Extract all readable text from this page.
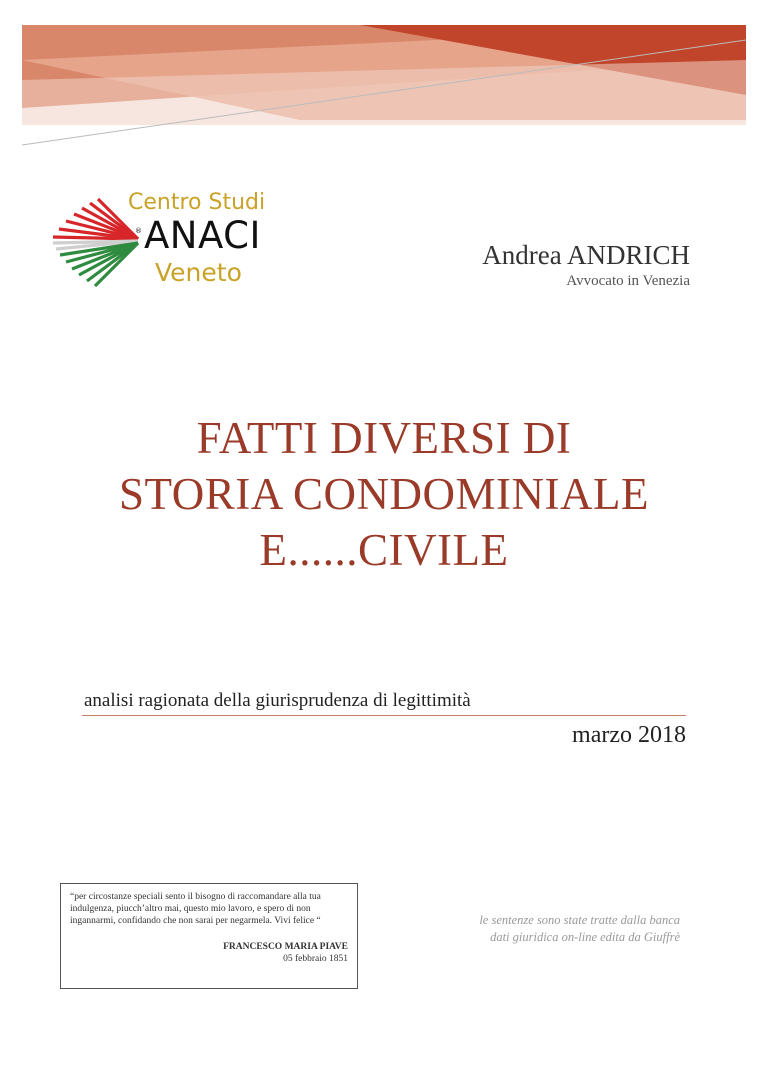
Centro Studi
® ANACI
Veneto
Andrea ANDRICH
Avvocato in Venezia
FATTI DIVERSI DI
STORIA CONDOMINIALE
E......CIVILE
analisi ragionata della giurisprudenza di legittimità
marzo 2018
“per circostanze speciali sento il bisogno di raccomandare alla tua indulgenza, piucch’altro mai, questo mio lavoro, e spero di non ingannarmi, confidando che non sarai per negarmela. Vivi felice “
FRANCESCO MARIA PIAVE
05 febbraio 1851
le sentenze sono state tratte dalla banca
dati giuridica on-line edita da Giuffrè
